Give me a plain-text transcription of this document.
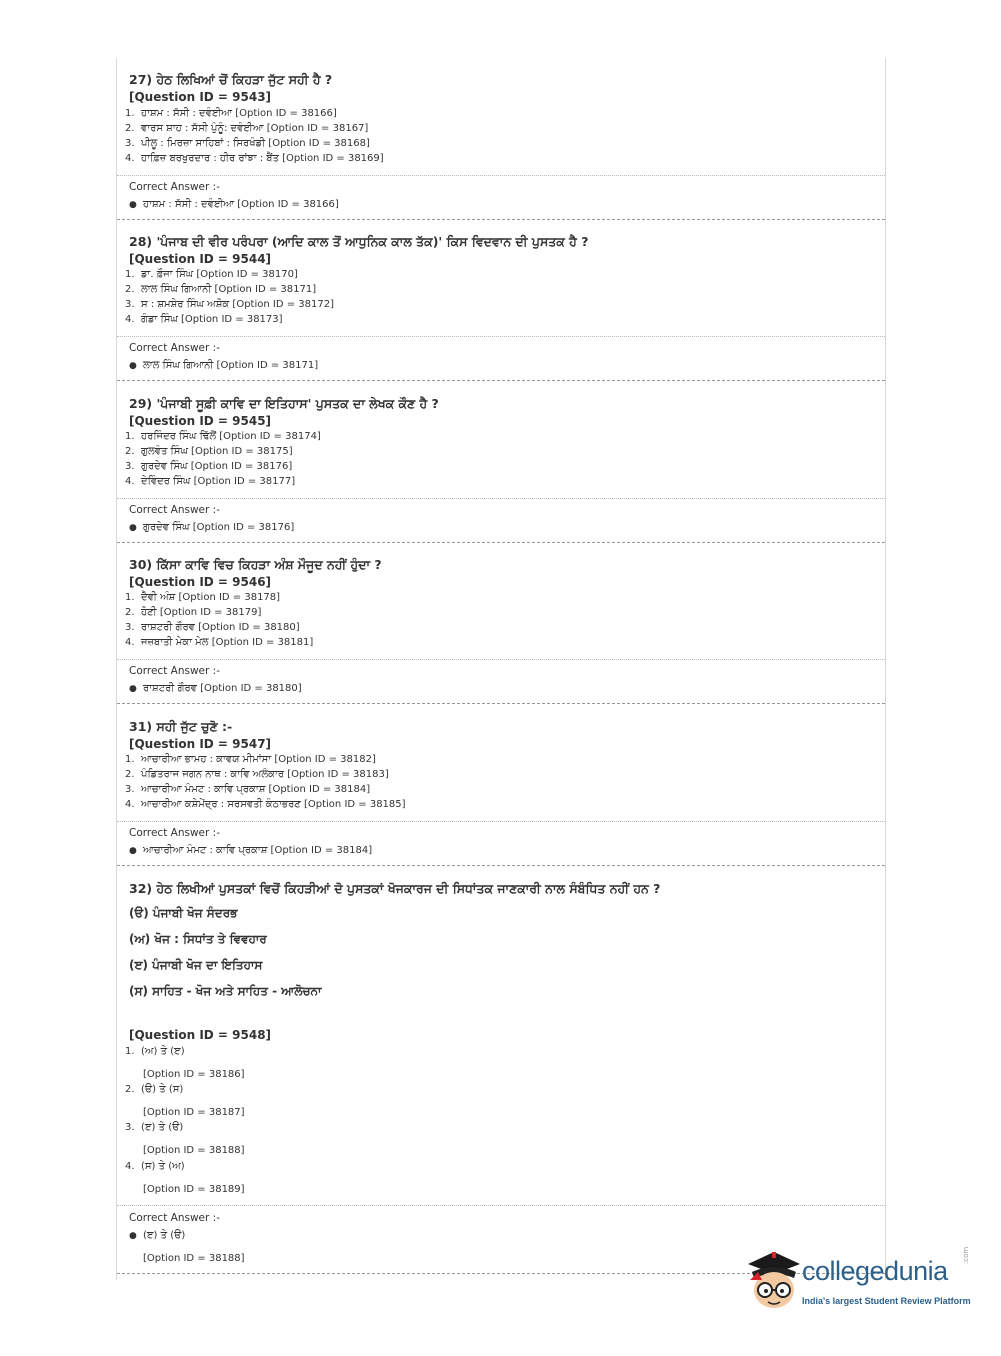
27) ਹੇਠ ਲਿਖਿਆਂ ਚੋਂ ਕਿਹੜਾ ਜੁੱਟ ਸਹੀ ਹੈ ?
[Question ID = 9543]
1. ਹਾਸ਼ਮ : ਸੱਸੀ : ਦਵੰਈਆ [Option ID = 38166]
2. ਵਾਰਸ ਸ਼ਾਹ : ਸੱਸੀ ਪੁੰਨੂੰ: ਦਵੰਈਆ [Option ID = 38167]
3. ਪੀਲੂ : ਮਿਰਜ਼ਾ ਸਾਹਿਬਾਂ : ਸਿਰਖੰਡੀ [Option ID = 38168]
4. ਹਾਫ਼ਿਜ਼ ਬਰਖੁਰਦਾਰ : ਹੀਰ ਰਾਂਝਾ : ਬੈਂਤ [Option ID = 38169]
Correct Answer :-
● ਹਾਸ਼ਮ : ਸੱਸੀ : ਦਵੰਈਆ [Option ID = 38166]
28) 'ਪੰਜਾਬ ਦੀ ਵੀਰ ਪਰੰਪਰਾ (ਆਦਿ ਕਾਲ ਤੋਂ ਆਧੁਨਿਕ ਕਾਲ ਤੱਕ)' ਕਿਸ ਵਿਦਵਾਨ ਦੀ ਪੁਸਤਕ ਹੈ ?
[Question ID = 9544]
1. ਡਾ. ਫ਼ੌਜਾ ਸਿੰਘ [Option ID = 38170]
2. ਲਾਲ ਸਿੰਘ ਗਿਆਨੀ [Option ID = 38171]
3. ਸ : ਸ਼ਮਸ਼ੇਰ ਸਿੰਘ ਅਸ਼ੋਕ [Option ID = 38172]
4. ਗੰਡਾ ਸਿੰਘ [Option ID = 38173]
Correct Answer :-
● ਲਾਲ ਸਿੰਘ ਗਿਆਨੀ [Option ID = 38171]
29) 'ਪੰਜਾਬੀ ਸੂਫ਼ੀ ਕਾਵਿ ਦਾ ਇਤਿਹਾਸ' ਪੁਸਤਕ ਦਾ ਲੇਖਕ ਕੌਣ ਹੈ ?
[Question ID = 9545]
1. ਹਰਜਿੰਦਰ ਸਿੰਘ ਢਿੱਲੋਂ [Option ID = 38174]
2. ਗੁਲਵੰਤ ਸਿੰਘ [Option ID = 38175]
3. ਗੁਰਦੇਵ ਸਿੰਘ [Option ID = 38176]
4. ਦੇਵਿੰਦਰ ਸਿੰਘ [Option ID = 38177]
Correct Answer :-
● ਗੁਰਦੇਵ ਸਿੰਘ [Option ID = 38176]
30) ਕਿੱਸਾ ਕਾਵਿ ਵਿਚ ਕਿਹੜਾ ਅੰਸ਼ ਮੌਜੂਦ ਨਹੀਂ ਹੁੰਦਾ ?
[Question ID = 9546]
1. ਦੈਵੀ ਅੰਸ਼ [Option ID = 38178]
2. ਹੋਣੀ [Option ID = 38179]
3. ਰਾਸ਼ਟਰੀ ਗੌਰਵ [Option ID = 38180]
4. ਜਜ਼ਬਾਤੀ ਮੇਕਾ ਮੇਲ [Option ID = 38181]
Correct Answer :-
● ਰਾਸ਼ਟਰੀ ਗੌਰਵ [Option ID = 38180]
31) ਸਹੀ ਜੁੱਟ ਚੁਣੋ :-
[Question ID = 9547]
1. ਆਚਾਰੀਆ ਭਾਮਹ : ਕਾਵਯ ਮੀਮਾਂਸਾ [Option ID = 38182]
2. ਪੰਡਿਤਰਾਜ ਜਗਨ ਨਾਥ : ਕਾਵਿ ਅਲੰਕਾਰ [Option ID = 38183]
3. ਆਚਾਰੀਆ ਮੰਮਟ : ਕਾਵਿ ਪ੍ਰਕਾਸ਼ [Option ID = 38184]
4. ਆਚਾਰੀਆ ਕਸ਼ੇਮੇਂਦ੍ਰ : ਸਰਸਵਤੀ ਕੰਠਾਭਰਣ [Option ID = 38185]
Correct Answer :-
● ਆਚਾਰੀਆ ਮੰਮਟ : ਕਾਵਿ ਪ੍ਰਕਾਸ਼ [Option ID = 38184]
32) ਹੇਠ ਲਿਖੀਆਂ ਪੁਸਤਕਾਂ ਵਿਚੋਂ ਕਿਹੜੀਆਂ ਦੋ ਪੁਸਤਕਾਂ ਖੋਜਕਾਰਜ ਦੀ ਸਿਧਾਂਤਕ ਜਾਣਕਾਰੀ ਨਾਲ ਸੰਬੰਧਿਤ ਨਹੀਂ ਹਨ ?
(ੳ) ਪੰਜਾਬੀ ਖੋਜ ਸੰਦਰਭ
(ਅ) ਖੋਜ : ਸਿਧਾਂਤ ਤੇ ਵਿਵਹਾਰ
(ੲ) ਪੰਜਾਬੀ ਖੋਜ ਦਾ ਇਤਿਹਾਸ
(ਸ) ਸਾਹਿਤ - ਖੋਜ ਅਤੇ ਸਾਹਿਤ - ਆਲੋਚਨਾ
[Question ID = 9548]
1. (ਅ) ਤੇ (ੲ)
[Option ID = 38186]
2. (ੳ) ਤੇ (ਸ)
[Option ID = 38187]
3. (ੲ) ਤੇ (ੳ)
[Option ID = 38188]
4. (ਸ) ਤੇ (ਅ)
[Option ID = 38189]
Correct Answer :-
● (ੲ) ਤੇ (ੳ)
[Option ID = 38188]	collegedunia
.com
India's largest Student Review Platform
